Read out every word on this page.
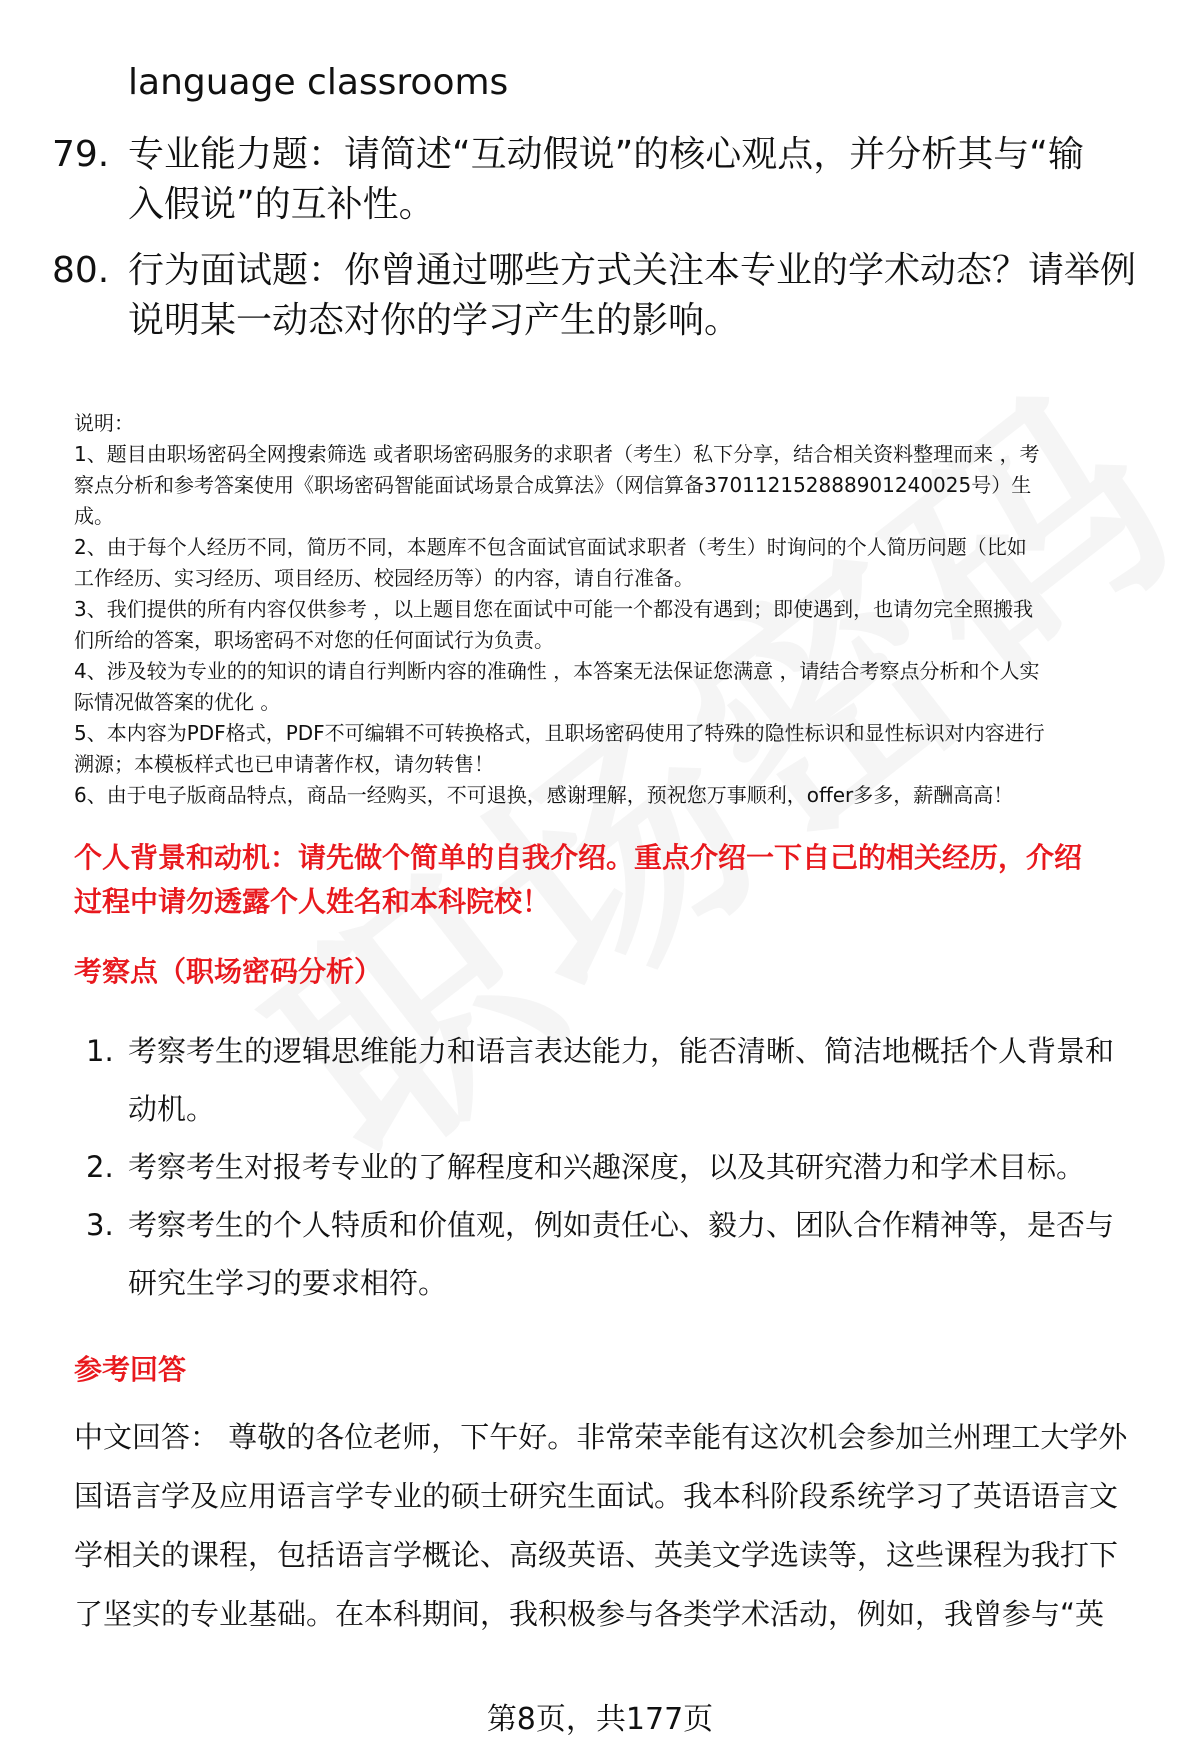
language classrooms
79. 专业能力题：请简述“互动假说”的核心观点，并分析其与“输
入假说”的互补性。
80. 行为面试题：你曾通过哪些方式关注本专业的学术动态？请举例
说明某一动态对你的学习产生的影响。
说明：
1、题目由职场密码全网搜索筛选 或者职场密码服务的求职者（考生）私下分享，结合相关资料整理而来 ，考
察点分析和参考答案使用《职场密码智能面试场景合成算法》（网信算备370112152888901240025号）生
成。
2、由于每个人经历不同，简历不同，本题库不包含面试官面试求职者（考生）时询问的个人简历问题（比如
工作经历、实习经历、项目经历、校园经历等）的内容，请自行准备。
3、我们提供的所有内容仅供参考 ，以上题目您在面试中可能一个都没有遇到；即使遇到，也请勿完全照搬我
们所给的答案，职场密码不对您的任何面试行为负责。
4、涉及较为专业的的知识的请自行判断内容的准确性 ，本答案无法保证您满意 ，请结合考察点分析和个人实
际情况做答案的优化 。
5、本内容为PDF格式，PDF不可编辑不可转换格式，且职场密码使用了特殊的隐性标识和显性标识对内容进行
溯源；本模板样式也已申请著作权，请勿转售！
6、由于电子版商品特点，商品一经购买，不可退换，感谢理解，预祝您万事顺利，offer多多，薪酬高高！
个人背景和动机：请先做个简单的自我介绍。重点介绍一下自己的相关经历，介绍
过程中请勿透露个人姓名和本科院校！
考察点（职场密码分析）
1. 考察考生的逻辑思维能力和语言表达能力，能否清晰、简洁地概括个人背景和
动机。
2. 考察考生对报考专业的了解程度和兴趣深度，以及其研究潜力和学术目标。
3. 考察考生的个人特质和价值观，例如责任心、毅力、团队合作精神等，是否与
研究生学习的要求相符。
参考回答
中文回答： 尊敬的各位老师，下午好。非常荣幸能有这次机会参加兰州理工大学外
国语言学及应用语言学专业的硕士研究生面试。我本科阶段系统学习了英语语言文
学相关的课程，包括语言学概论、高级英语、英美文学选读等，这些课程为我打下
了坚实的专业基础。在本科期间，我积极参与各类学术活动，例如，我曾参与“英
第8页，共177页
